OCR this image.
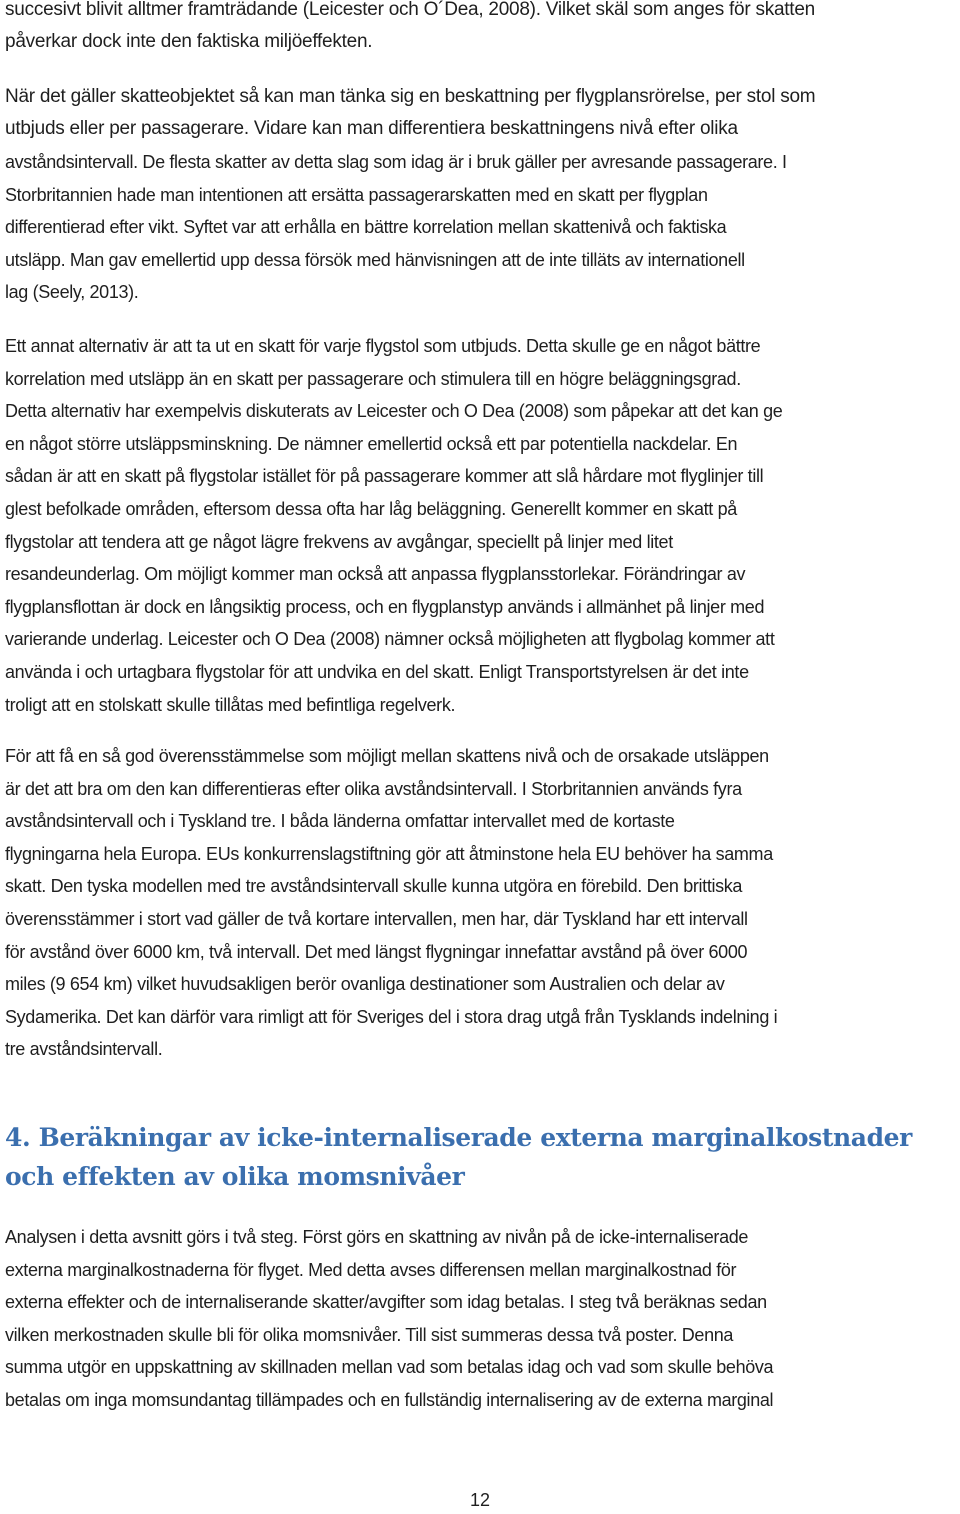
succesivt blivit alltmer framträdande (Leicester och O´Dea, 2008). Vilket skäl som anges för skatten
påverkar dock inte den faktiska miljöeffekten.
När det gäller skatteobjektet så kan man tänka sig en beskattning per flygplansrörelse, per stol som
utbjuds eller per passagerare. Vidare kan man differentiera beskattningens nivå efter olika
avståndsintervall. De flesta skatter av detta slag som idag är i bruk gäller per avresande passagerare. I
Storbritannien hade man intentionen att ersätta passagerarskatten med en skatt per flygplan
differentierad efter vikt. Syftet var att erhålla en bättre korrelation mellan skattenivå och faktiska
utsläpp. Man gav emellertid upp dessa försök med hänvisningen att de inte tilläts av internationell
lag (Seely, 2013).
Ett annat alternativ är att ta ut en skatt för varje flygstol som utbjuds. Detta skulle ge en något bättre
korrelation med utsläpp än en skatt per passagerare och stimulera till en högre beläggningsgrad.
Detta alternativ har exempelvis diskuterats av Leicester och O Dea (2008) som påpekar att det kan ge
en något större utsläppsminskning. De nämner emellertid också ett par potentiella nackdelar. En
sådan är att en skatt på flygstolar istället för på passagerare kommer att slå hårdare mot flyglinjer till
glest befolkade områden, eftersom dessa ofta har låg beläggning. Generellt kommer en skatt på
flygstolar att tendera att ge något lägre frekvens av avgångar, speciellt på linjer med litet
resandeunderlag. Om möjligt kommer man också att anpassa flygplansstorlekar. Förändringar av
flygplansflottan är dock en långsiktig process, och en flygplanstyp används i allmänhet på linjer med
varierande underlag. Leicester och O Dea (2008) nämner också möjligheten att flygbolag kommer att
använda i och urtagbara flygstolar för att undvika en del skatt. Enligt Transportstyrelsen är det inte
troligt att en stolskatt skulle tillåtas med befintliga regelverk.
För att få en så god överensstämmelse som möjligt mellan skattens nivå och de orsakade utsläppen
är det att bra om den kan differentieras efter olika avståndsintervall. I Storbritannien används fyra
avståndsintervall och i Tyskland tre. I båda länderna omfattar intervallet med de kortaste
flygningarna hela Europa. EUs konkurrenslagstiftning gör att åtminstone hela EU behöver ha samma
skatt. Den tyska modellen med tre avståndsintervall skulle kunna utgöra en förebild. Den brittiska
överensstämmer i stort vad gäller de två kortare intervallen, men har, där Tyskland har ett intervall
för avstånd över 6000 km, två intervall. Det med längst flygningar innefattar avstånd på över 6000
miles (9 654 km) vilket huvudsakligen berör ovanliga destinationer som Australien och delar av
Sydamerika. Det kan därför vara rimligt att för Sveriges del i stora drag utgå från Tysklands indelning i
tre avståndsintervall.
4. Beräkningar av icke-internaliserade externa marginalkostnader
och effekten av olika momsnivåer
Analysen i detta avsnitt görs i två steg. Först görs en skattning av nivån på de icke-internaliserade
externa marginalkostnaderna för flyget. Med detta avses differensen mellan marginalkostnad för
externa effekter och de internaliserande skatter/avgifter som idag betalas. I steg två beräknas sedan
vilken merkostnaden skulle bli för olika momsnivåer. Till sist summeras dessa två poster. Denna
summa utgör en uppskattning av skillnaden mellan vad som betalas idag och vad som skulle behöva
betalas om inga momsundantag tillämpades och en fullständig internalisering av de externa marginal

12
